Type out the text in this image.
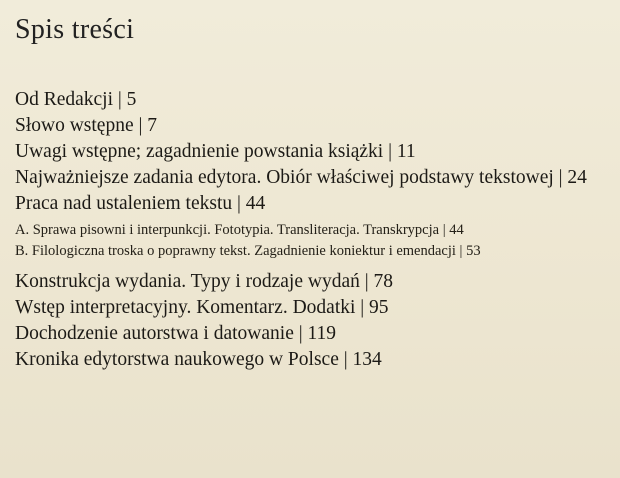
Spis treści
Od Redakcji | 5
Słowo wstępne | 7
Uwagi wstępne; zagadnienie powstania książki | 11
Najważniejsze zadania edytora. Obiór właściwej podstawy tekstowej | 24
Praca nad ustaleniem tekstu | 44
A. Sprawa pisowni i interpunkcji. Fototypia. Transliteracja. Transkrypcja | 44
B. Filologiczna troska o poprawny tekst. Zagadnienie koniektur i emendacji | 53
Konstrukcja wydania. Typy i rodzaje wydań | 78
Wstęp interpretacyjny. Komentarz. Dodatki | 95
Dochodzenie autorstwa i datowanie | 119
Kronika edytorstwa naukowego w Polsce | 134
